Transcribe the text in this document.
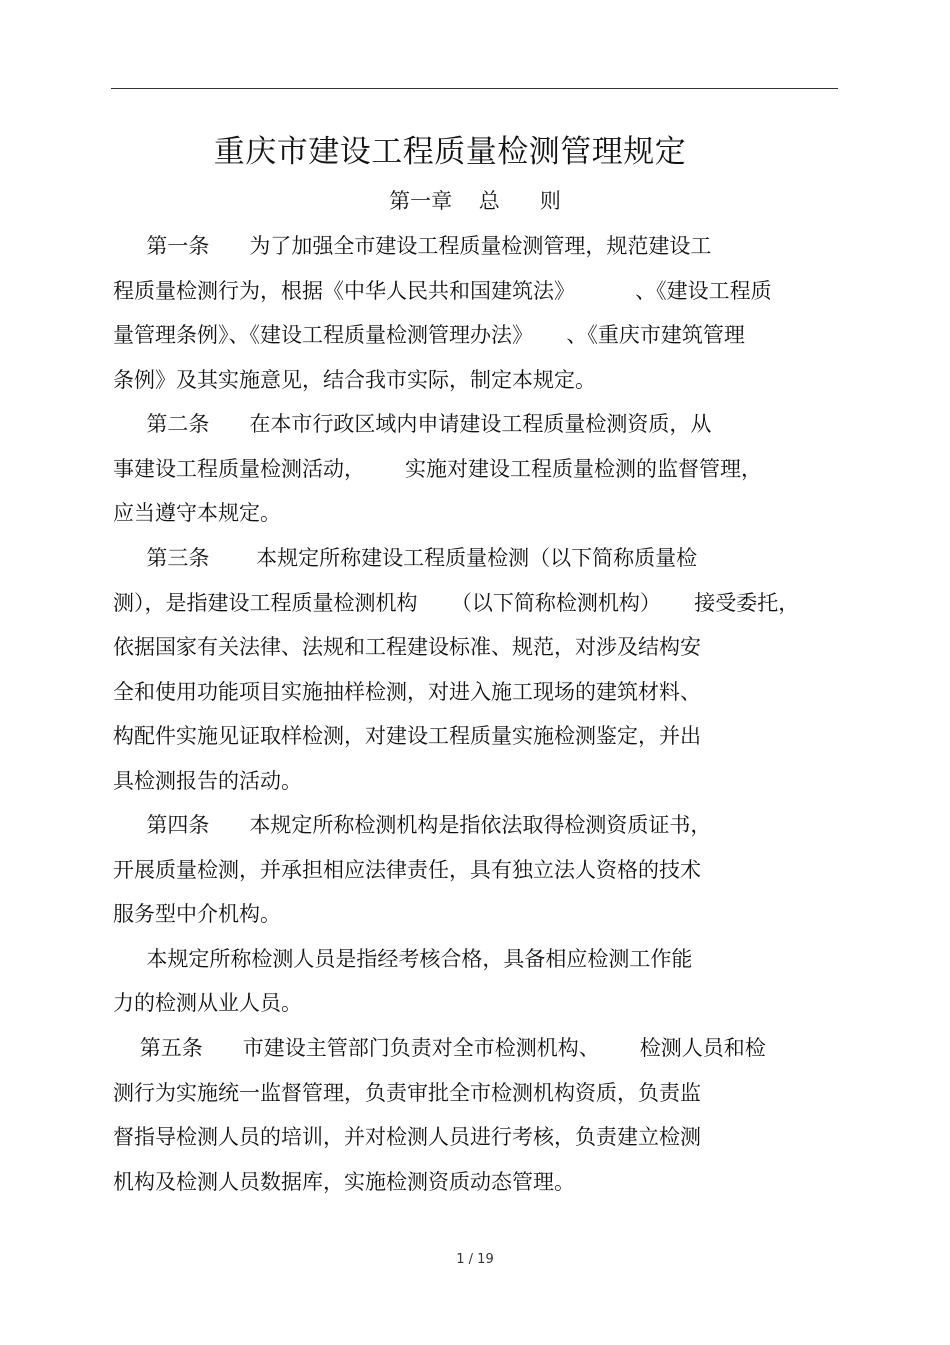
重庆市建设工程质量检测管理规定
第一章    总      则
第一条      为了加强全市建设工程质量检测管理，规范建设工
程质量检测行为，根据《中华人民共和国建筑法》         、《建设工程质
量管理条例》、《建设工程质量检测管理办法》     、《重庆市建筑管理
条例》及其实施意见，结合我市实际，制定本规定。
第二条      在本市行政区域内申请建设工程质量检测资质，从
事建设工程质量检测活动，      实施对建设工程质量检测的监督管理，
应当遵守本规定。
第三条       本规定所称建设工程质量检测（以下简称质量检
测），是指建设工程质量检测机构     （以下简称检测机构）     接受委托，
依据国家有关法律、法规和工程建设标准、规范，对涉及结构安
全和使用功能项目实施抽样检测，对进入施工现场的建筑材料、
构配件实施见证取样检测，对建设工程质量实施检测鉴定，并出
具检测报告的活动。
第四条      本规定所称检测机构是指依法取得检测资质证书，
开展质量检测，并承担相应法律责任，具有独立法人资格的技术
服务型中介机构。
本规定所称检测人员是指经考核合格，具备相应检测工作能
力的检测从业人员。
第五条      市建设主管部门负责对全市检测机构、      检测人员和检
测行为实施统一监督管理，负责审批全市检测机构资质，负责监
督指导检测人员的培训，并对检测人员进行考核，负责建立检测
机构及检测人员数据库，实施检测资质动态管理。
1 / 19
